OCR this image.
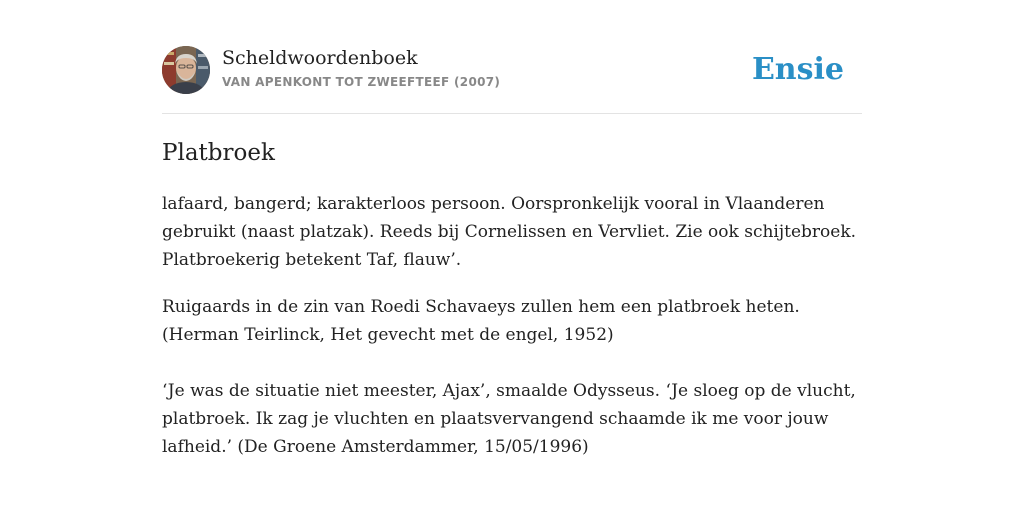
Scheldwoordenboek
VAN APENKONT TOT ZWEEFTEEF (2007)	Ensie
Platbroek

lafaard, bangerd; karakterloos persoon. Oorspronkelijk vooral in Vlaanderen gebruikt (naast platzak). Reeds bij Cornelissen en Vervliet. Zie ook schijtebroek. Platbroekerig betekent Taf, flauw’.

Ruigaards in de zin van Roedi Schavaeys zullen hem een platbroek heten. (Herman Teirlinck, Het gevecht met de engel, 1952)

‘Je was de situatie niet meester, Ajax’, smaalde Odysseus. ‘Je sloeg op de vlucht, platbroek. Ik zag je vluchten en plaatsvervangend schaamde ik me voor jouw lafheid.’ (De Groene Amsterdammer, 15/05/1996)
